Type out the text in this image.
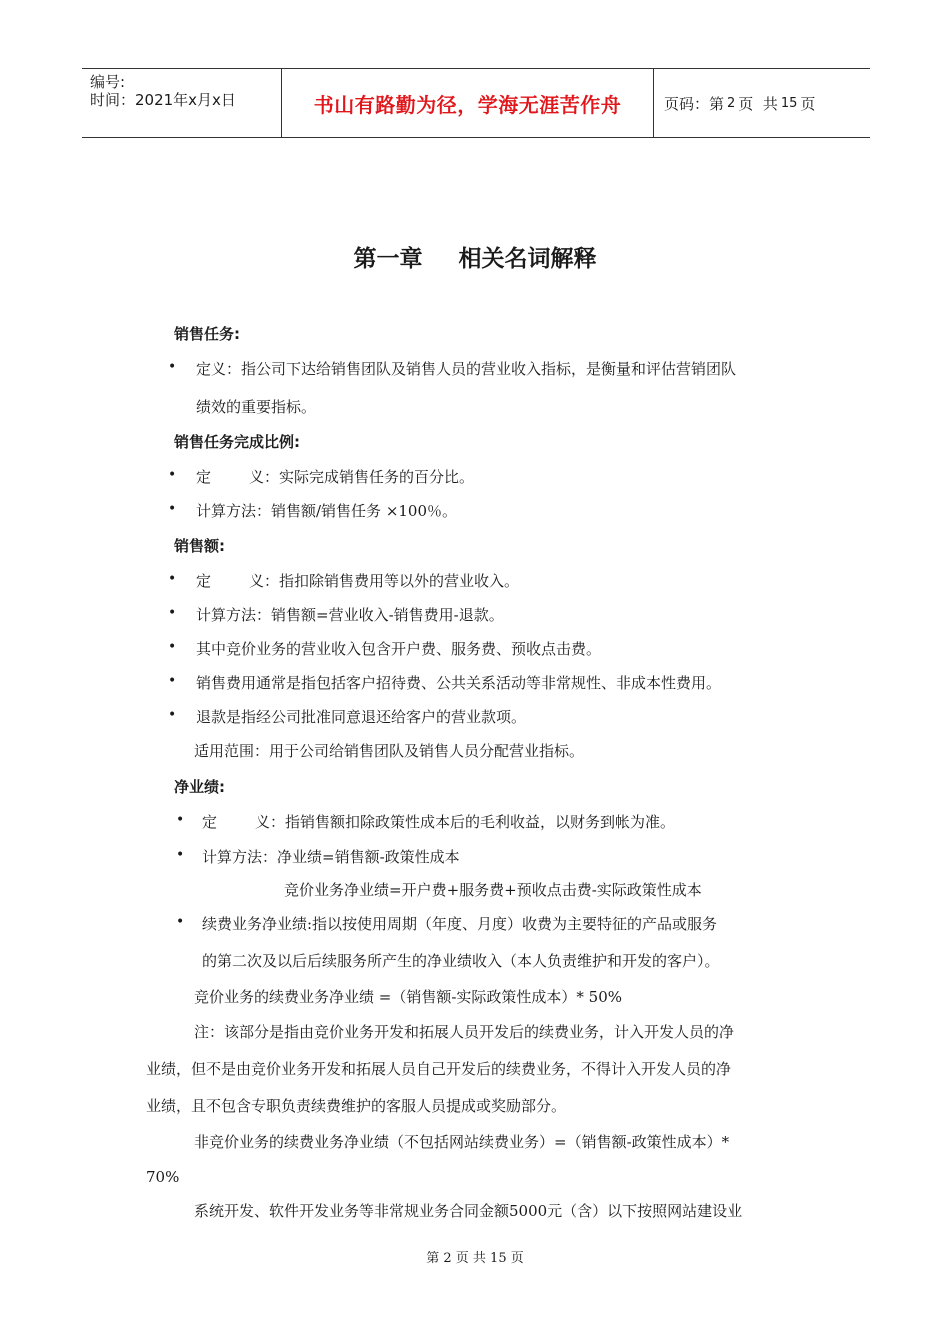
编号:
时间：2021年x月x日	书山有路勤为径，学海无涯苦作舟	页码：第 2 页  共 15 页
第一章 相关名词解释
销售任务:
• 定义：指公司下达给销售团队及销售人员的营业收入指标，是衡量和评估营销团队
绩效的重要指标。
销售任务完成比例:
• 定	义：实际完成销售任务的百分比。
• 计算方法：销售额/销售任务 ×100％。
销售额:
• 定	义：指扣除销售费用等以外的营业收入。
• 计算方法：销售额=营业收入-销售费用-退款。
• 其中竞价业务的营业收入包含开户费、服务费、预收点击费。
• 销售费用通常是指包括客户招待费、公共关系活动等非常规性、非成本性费用。
• 退款是指经公司批准同意退还给客户的营业款项。
适用范围：用于公司给销售团队及销售人员分配营业指标。
净业绩:
• 定	义：指销售额扣除政策性成本后的毛利收益，以财务到帐为准。
• 计算方法：净业绩=销售额-政策性成本
竞价业务净业绩=开户费+服务费+预收点击费-实际政策性成本
• 续费业务净业绩:指以按使用周期（年度、月度）收费为主要特征的产品或服务
的第二次及以后后续服务所产生的净业绩收入（本人负责维护和开发的客户）。
竞价业务的续费业务净业绩 =（销售额-实际政策性成本）* 50%
注：该部分是指由竞价业务开发和拓展人员开发后的续费业务，计入开发人员的净
业绩，但不是由竞价业务开发和拓展人员自己开发后的续费业务，不得计入开发人员的净
业绩，且不包含专职负责续费维护的客服人员提成或奖励部分。
非竞价业务的续费业务净业绩（不包括网站续费业务）=（销售额-政策性成本）*
70%
系统开发、软件开发业务等非常规业务合同金额5000元（含）以下按照网站建设业
第 2 页 共 15 页
